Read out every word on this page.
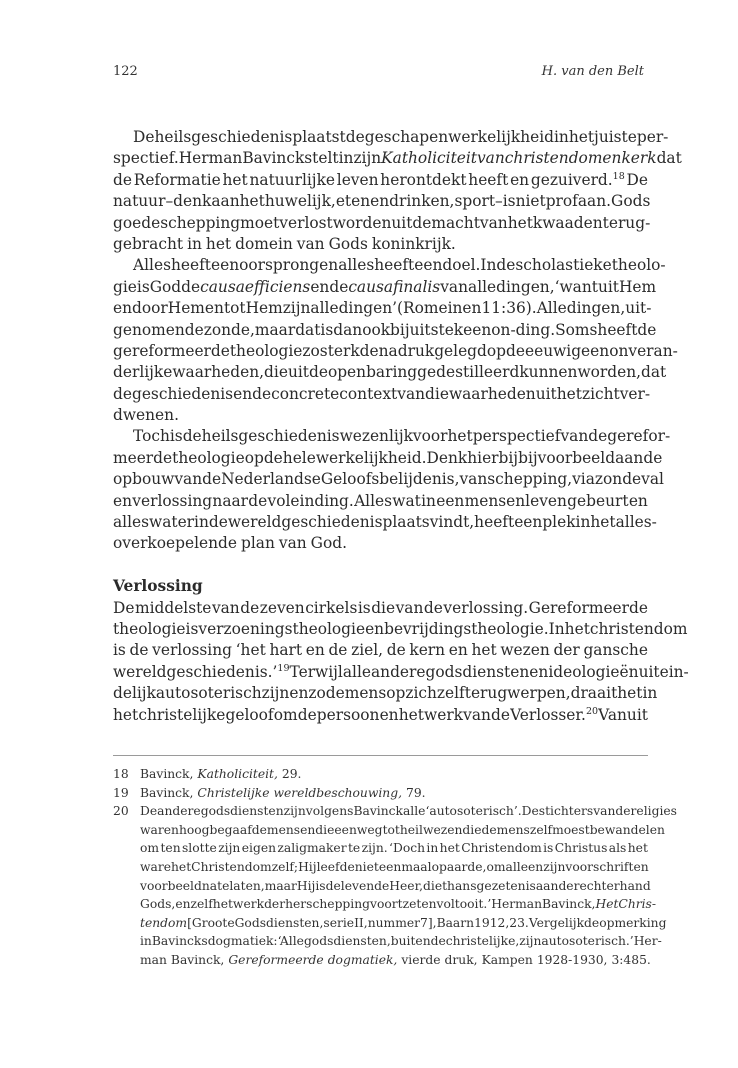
122	H. van den Belt
De heilsgeschiedenis plaatst de geschapen werkelijkheid in het juiste per-
spectief. Herman Bavinck stelt in zijn Katholiciteit van christendom en kerk dat
de Reformatie het natuurlijke leven herontdekt heeft en gezuiverd.$^{18}$ De
natuur – denk aan het huwelijk, eten en drinken, sport – is niet profaan. Gods
goede schepping moet verlost worden uit de macht van het kwaad en terug-
gebracht in het domein van Gods koninkrijk.
Alles heeft een oorsprong en alles heeft een doel. In de scholastieke theolo-
gie is God de causa efficiens en de causa finalis van alle dingen, ‘want uit Hem
en door Hem en tot Hem zijn alle dingen’ (Romeinen 11:36). Alle dingen, uit-
genomen de zonde, maar dat is dan ook bij uitstek een on-ding. Soms heeft de
gereformeerde theologie zo sterk de nadruk gelegd op de eeuwige en onveran-
derlijke waarheden, die uit de openbaring gedestilleerd kunnen worden, dat
de geschiedenis en de concrete context van die waarheden uit het zicht ver-
dwenen.
Toch is de heilsgeschiedenis wezenlijk voor het perspectief van de gerefor-
meerde theologie op de hele werkelijkheid. Denk hierbij bijvoorbeeld aan de
opbouw van de Nederlandse Geloofsbelijdenis, van schepping, via zondeval
en verlossing naar de voleinding. Alles wat in een mensenleven gebeurt en
alles wat er in de wereldgeschiedenis plaatsvindt, heeft een plek in het alles-
overkoepelende plan van God.
Verlossing
De middelste van de zeven cirkels is die van de verlossing. Gereformeerde
theologie is verzoeningstheologie en bevrijdingstheologie. In het christendom
is de verlossing ‘het hart en de ziel, de kern en het wezen der gansche
wereldgeschiedenis.’$^{19}$ Terwijl alle andere godsdiensten en ideologieën uitein-
delijk autosoterisch zijn en zo de mens op zichzelf terugwerpen, draait het in
het christelijke geloof om de persoon en het werk van de Verlosser.$^{20}$ Vanuit
18 Bavinck, Katholiciteit, 29.
19 Bavinck, Christelijke wereldbeschouwing, 79.
20 De andere godsdiensten zijn volgens Bavinck alle ‘autosoterisch’. De stichters van de religies
waren hoogbegaafde mensen die een weg tot heil wezen die de mens zelf moest bewandelen
om ten slotte zijn eigen zaligmaker te zijn. ‘Doch in het Christendom is Christus als het
ware het Christendom zelf; Hij leefde niet eenmaal op aarde, om alleen zijn voorschrift en
voorbeeld na te laten, maar Hij is de levende Heer, die thans gezeten is aan de rechterhand
Gods, en zelf het werk der herschepping voortzet en voltooit.’ Herman Bavinck, Het Chris-
tendom [Groote Godsdiensten, serie II, nummer 7], Baarn 1912, 23. Vergelijk de opmerking
in Bavincks dogmatiek: ‘Alle godsdiensten, buiten de christelijke, zijn autosoterisch.’ Her-
man Bavinck, Gereformeerde dogmatiek, vierde druk, Kampen 1928-1930, 3:485.
